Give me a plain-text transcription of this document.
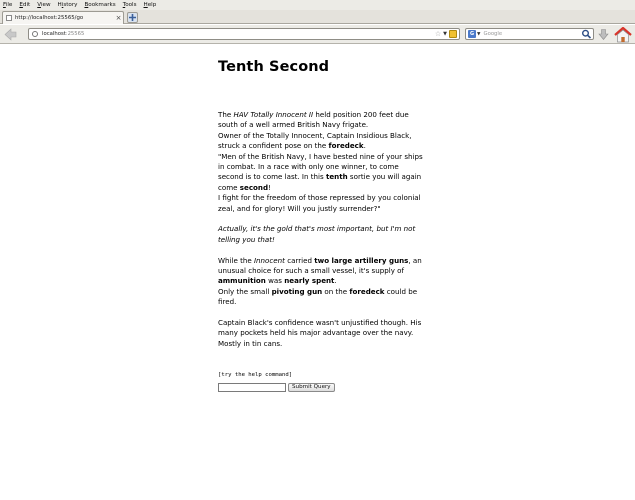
File Edit View History Bookmarks Tools Help
http://localhost:25565/go	×
localhost:25565	☆ ▼	G ▼ Google
Tenth Second

The HAV Totally Innocent II held position 200 feet due south of a well armed British Navy frigate.

Owner of the Totally Innocent, Captain Insidious Black, struck a confident pose on the foredeck.

"Men of the British Navy, I have bested nine of your ships in combat. In a race with only one winner, to come second is to come last. In this tenth sortie you will again come second!

I fight for the freedom of those repressed by you colonial zeal, and for glory! Will you justly surrender?"

Actually, it's the gold that's most important, but I'm not telling you that!

While the Innocent carried two large artillery guns, an unusual choice for such a small vessel, it's supply of ammunition was nearly spent.

Only the small pivoting gun on the foredeck could be fired.

Captain Black's confidence wasn't unjustified though. His many pockets held his major advantage over the navy.

Mostly in tin cans.

[try the help command]
Submit Query
